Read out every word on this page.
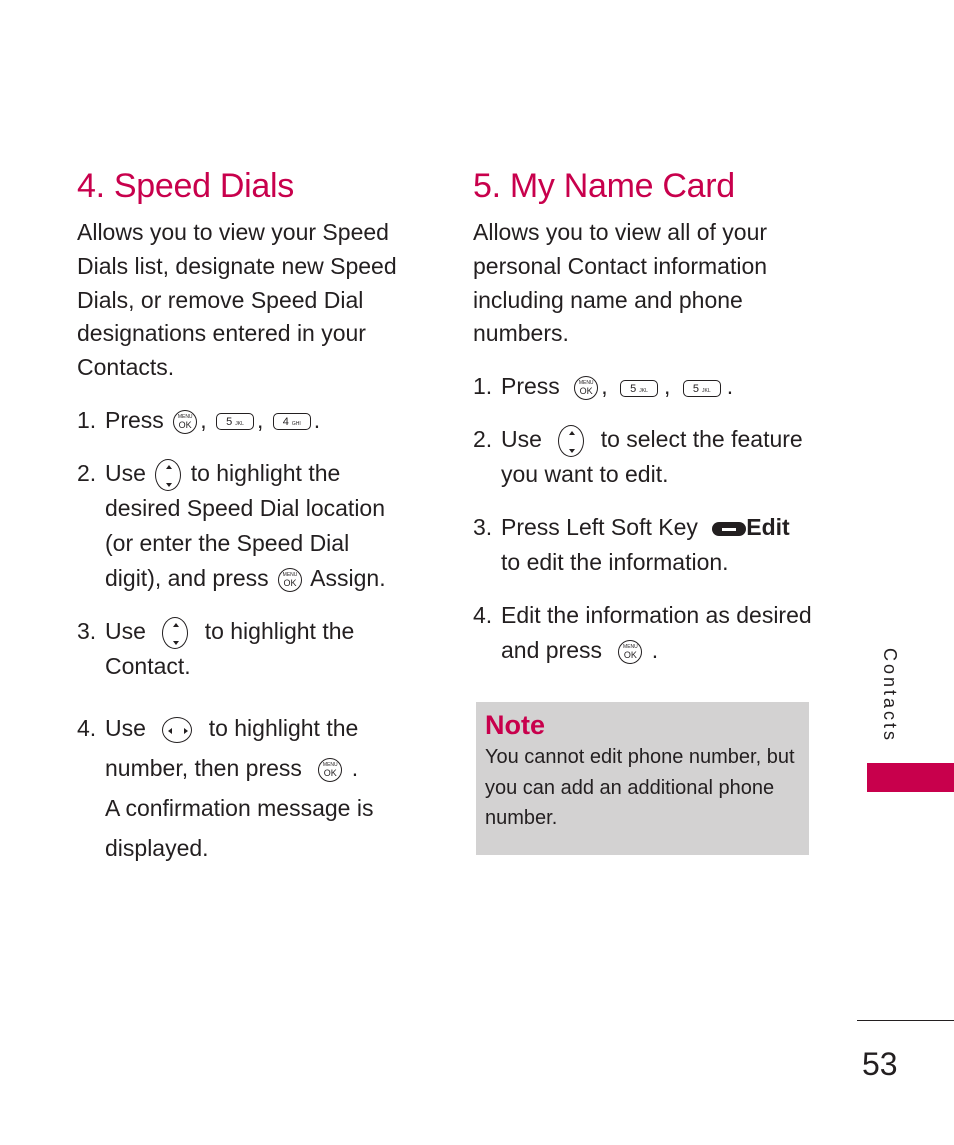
4. Speed Dials

Allows you to view your Speed Dials list, designate new Speed Dials, or remove Speed Dial designations entered in your Contacts.

1. Press	MENU
OK , 5 JKL , 4 GHI .
2. Use to highlight the desired Speed Dial location (or enter the Speed Dial digit), and press	MENU
OK Assign.
3. Use	to highlight the Contact.
4. Use	to highlight the number, then press	MENU
OK .
A confirmation message is displayed.
5. My Name Card

Allows you to view all of your personal Contact information including name and phone numbers.

1. Press	MENU
OK , 5 JKL , 5 JKL .
2. Use	to select the feature you want to edit.
3. Press Left Soft Key Edit to edit the information.
4. Edit the information as desired and press	MENU
OK .
Note

You cannot edit phone number, but you can add an additional phone number.

Contacts
53
